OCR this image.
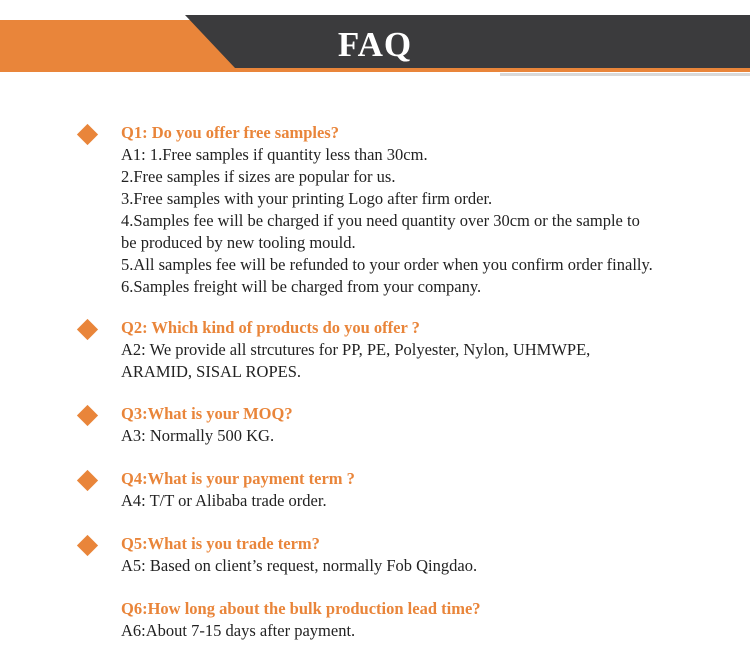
FAQ
Q1: Do you offer free samples?
A1: 1.Free samples if quantity less than 30cm.
2.Free samples if sizes are popular for us.
3.Free samples with your printing Logo after firm order.
4.Samples fee will be charged if you need quantity over 30cm or the sample to
be produced by new tooling mould.
5.All samples fee will be refunded to your order when you confirm order finally.
6.Samples freight will be charged from your company.
Q2: Which kind of products do you offer ?
A2: We provide all strcutures for PP, PE, Polyester, Nylon, UHMWPE,
ARAMID, SISAL ROPES.
Q3:What is your MOQ?
A3: Normally 500 KG.
Q4:What is your payment term ?
A4: T/T or Alibaba trade order.
Q5:What is you trade term?
A5: Based on client’s request, normally Fob Qingdao.
Q6:How long about the bulk production lead time?
A6:About 7-15 days after payment.
